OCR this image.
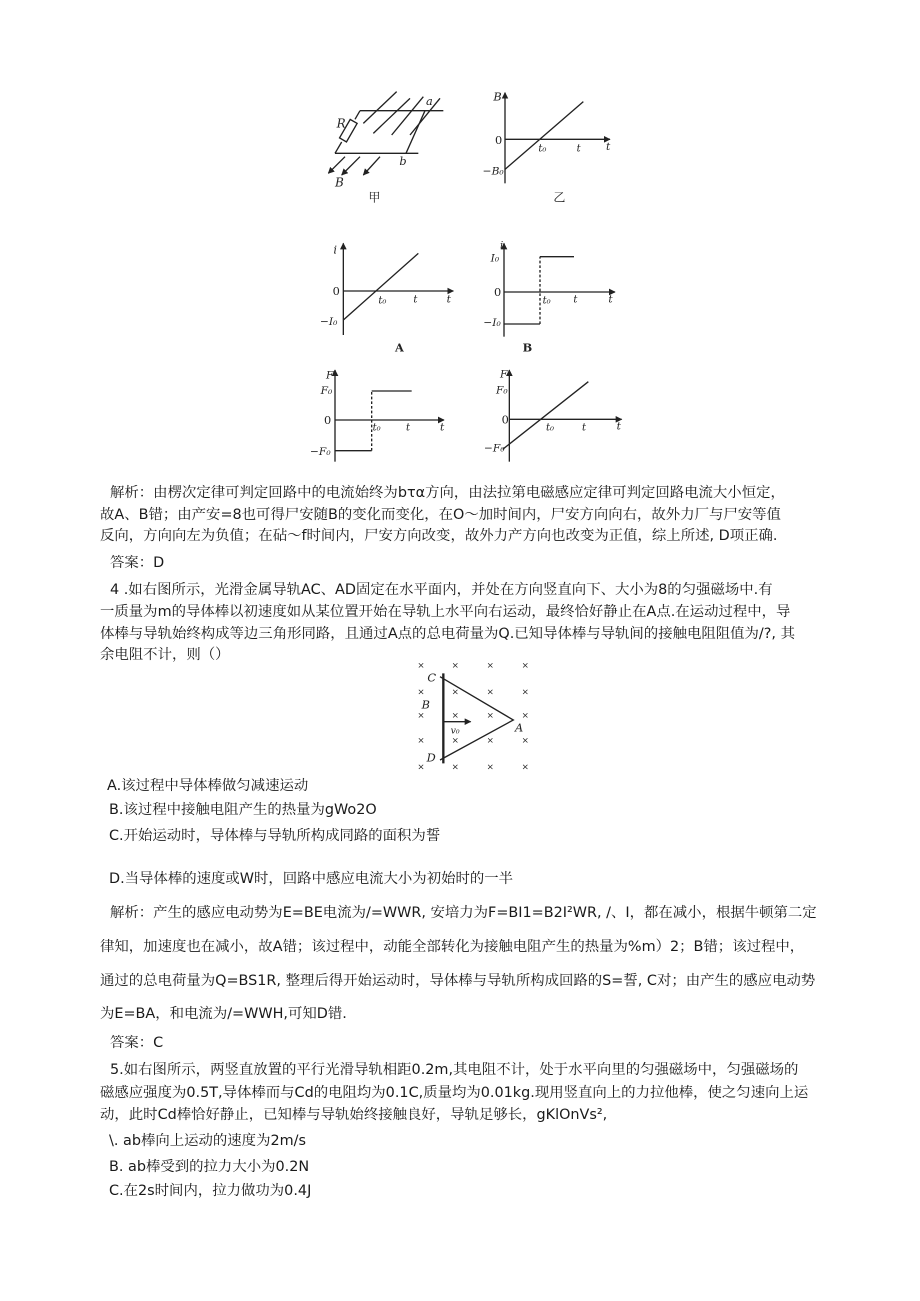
R
a
b
B
甲
B
0
−B₀
t₀ t t
乙
i
0
−I₀
t₀ t t
A
i
I₀
0
−I₀
t₀ t t
B
F
F₀
0
−F₀
t₀ t t
F
F₀
0
−F₀
t₀ t t
解析：由楞次定律可判定回路中的电流始终为bτα方向，由法拉第电磁感应定律可判定回路电流大小恒定，
故A、B错；由产安=8也可得尸安随B的变化而变化，在O～加时间内，尸安方向向右，故外力厂与尸安等值
反向，方向向左为负值；在砧～f时间内，尸安方向改变，故外力产方向也改变为正值，综上所述, D项正确.
答案：D
4 .如右图所示，光滑金属导轨AC、AD固定在水平面内，并处在方向竖直向下、大小为8的匀强磁场中.有
一质量为m的导体棒以初速度如从某位置开始在导轨上水平向右运动，最终恰好静止在A点.在运动过程中，导
体棒与导轨始终构成等边三角形同路，且通过A点的总电荷量为Q.已知导体棒与导轨间的接触电阻阻值为/?, 其
余电阻不计，则（）
× × × ×
× × × ×
× × × ×
× × × ×
× × × ×
C
B
v₀ A
D
A.该过程中导体棒做匀减速运动
B.该过程中接触电阻产生的热量为gWo2O
C.开始运动时，导体棒与导轨所构成同路的面积为誓
D.当导体棒的速度或W时，回路中感应电流大小为初始时的一半
解析：产生的感应电动势为E=BE电流为/=WWR, 安培力为F=BI1=B2I²WR, /、I，都在减小，根据牛顿第二定
律知，加速度也在减小，故A错；该过程中，动能全部转化为接触电阻产生的热量为%m）2；B错；该过程中，
通过的总电荷量为Q=BS1R, 整理后得开始运动时，导体棒与导轨所构成回路的S=誓, C对；由产生的感应电动势
为E=BA，和电流为/=WWH,可知D错.
答案：C
5.如右图所示，两竖直放置的平行光滑导轨相距0.2m,其电阻不计，处于水平向里的匀强磁场中，匀强磁场的
磁感应强度为0.5T,导体棒而与Cd的电阻均为0.1C,质量均为0.01kg.现用竖直向上的力拉他棒，使之匀速向上运
动，此时Cd棒恰好静止，已知棒与导轨始终接触良好，导轨足够长，gKlOnVs²,
\. ab棒向上运动的速度为2m/s
B. ab棒受到的拉力大小为0.2N
C.在2s时间内，拉力做功为0.4J
